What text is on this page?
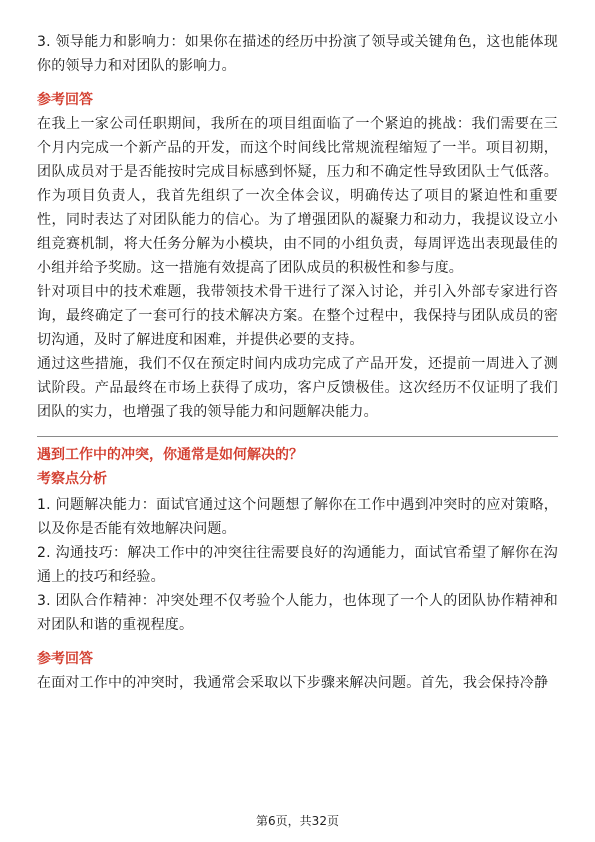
3. 领导能力和影响力：如果你在描述的经历中扮演了领导或关键角色，这也能体现你的领导力和对团队的影响力。

参考回答

在我上一家公司任职期间，我所在的项目组面临了一个紧迫的挑战：我们需要在三个月内完成一个新产品的开发，而这个时间线比常规流程缩短了一半。项目初期，团队成员对于是否能按时完成目标感到怀疑，压力和不确定性导致团队士气低落。作为项目负责人，我首先组织了一次全体会议，明确传达了项目的紧迫性和重要性，同时表达了对团队能力的信心。为了增强团队的凝聚力和动力，我提议设立小组竞赛机制，将大任务分解为小模块，由不同的小组负责，每周评选出表现最佳的小组并给予奖励。这一措施有效提高了团队成员的积极性和参与度。

针对项目中的技术难题，我带领技术骨干进行了深入讨论，并引入外部专家进行咨询，最终确定了一套可行的技术解决方案。在整个过程中，我保持与团队成员的密切沟通，及时了解进度和困难，并提供必要的支持。

通过这些措施，我们不仅在预定时间内成功完成了产品开发，还提前一周进入了测试阶段。产品最终在市场上获得了成功，客户反馈极佳。这次经历不仅证明了我们团队的实力，也增强了我的领导能力和问题解决能力。

遇到工作中的冲突，你通常是如何解决的？

考察点分析

1. 问题解决能力：面试官通过这个问题想了解你在工作中遇到冲突时的应对策略，以及你是否能有效地解决问题。

2. 沟通技巧：解决工作中的冲突往往需要良好的沟通能力，面试官希望了解你在沟通上的技巧和经验。

3. 团队合作精神：冲突处理不仅考验个人能力，也体现了一个人的团队协作精神和对团队和谐的重视程度。

参考回答

在面对工作中的冲突时，我通常会采取以下步骤来解决问题。首先，我会保持冷静

第6页，共32页
